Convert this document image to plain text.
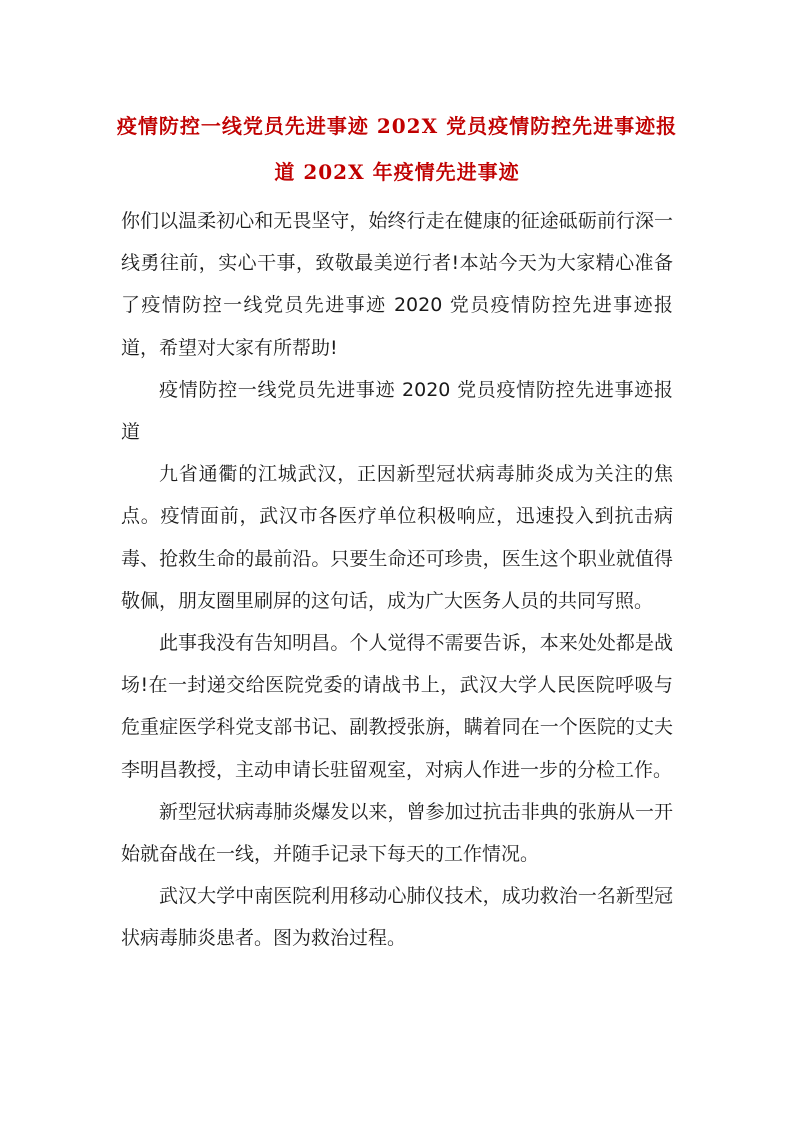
疫情防控一线党员先进事迹 202X 党员疫情防控先进事迹报道 202X 年疫情先进事迹

你们以温柔初心和无畏坚守，始终行走在健康的征途砥砺前行深一线勇往前，实心干事，致敬最美逆行者!本站今天为大家精心准备了疫情防控一线党员先进事迹 2020 党员疫情防控先进事迹报道，希望对大家有所帮助!

疫情防控一线党员先进事迹 2020 党员疫情防控先进事迹报道

九省通衢的江城武汉，正因新型冠状病毒肺炎成为关注的焦点。疫情面前，武汉市各医疗单位积极响应，迅速投入到抗击病毒、抢救生命的最前沿。只要生命还可珍贵，医生这个职业就值得敬佩，朋友圈里刷屏的这句话，成为广大医务人员的共同写照。

此事我没有告知明昌。个人觉得不需要告诉，本来处处都是战场!在一封递交给医院党委的请战书上，武汉大学人民医院呼吸与危重症医学科党支部书记、副教授张旃，瞒着同在一个医院的丈夫李明昌教授，主动申请长驻留观室，对病人作进一步的分检工作。

新型冠状病毒肺炎爆发以来，曾参加过抗击非典的张旃从一开始就奋战在一线，并随手记录下每天的工作情况。

武汉大学中南医院利用移动心肺仪技术，成功救治一名新型冠状病毒肺炎患者。图为救治过程。
